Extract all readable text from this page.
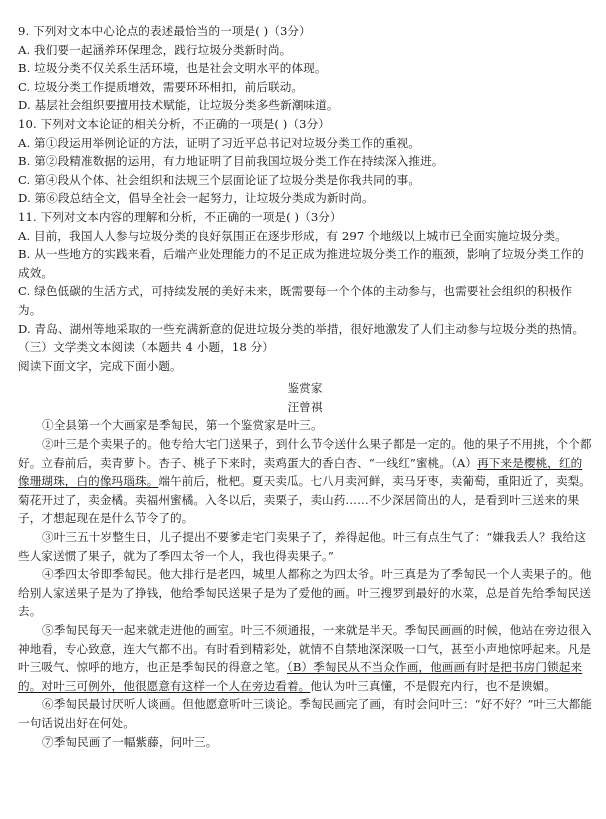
9. 下列对文本中心论点的表述最恰当的一项是( )（3分）
A. 我们要一起涵养环保理念，践行垃圾分类新时尚。
B. 垃圾分类不仅关系生活环境，也是社会文明水平的体现。
C. 垃圾分类工作提质增效，需要环环相扣，前后联动。
D. 基层社会组织要擅用技术赋能，让垃圾分类多些新潮味道。
10. 下列对文本论证的相关分析，不正确的一项是( )（3分）
A. 第①段运用举例论证的方法，证明了习近平总书记对垃圾分类工作的重视。
B. 第②段精准数据的运用，有力地证明了目前我国垃圾分类工作在持续深入推进。
C. 第④段从个体、社会组织和法规三个层面论证了垃圾分类是你我共同的事。
D. 第⑥段总结全文，倡导全社会一起努力，让垃圾分类成为新时尚。
11. 下列对文本内容的理解和分析，不正确的一项是( )（3分）
A. 目前，我国人人参与垃圾分类的良好氛围正在逐步形成，有 297 个地级以上城市已全面实施垃圾分类。
B. 从一些地方的实践来看，后端产业处理能力的不足正成为推进垃圾分类工作的瓶颈，影响了垃圾分类工作的成效。
C. 绿色低碳的生活方式，可持续发展的美好未来，既需要每一个个体的主动参与，也需要社会组织的积极作为。
D. 青岛、湖州等地采取的一些充满新意的促进垃圾分类的举措，很好地激发了人们主动参与垃圾分类的热情。
（三）文学类文本阅读（本题共 4 小题，18 分）
阅读下面文字，完成下面小题。
鉴赏家
汪曾祺
①全县第一个大画家是季匋民，第一个鉴赏家是叶三。
②叶三是个卖果子的。他专给大宅门送果子，到什么节令送什么果子都是一定的。他的果子不用挑，个个都好。立春前后，卖青萝卜。杏子、桃子下来时，卖鸡蛋大的香白杏、“一线红”蜜桃。（A）再下来是樱桃，红的像珊瑚珠，白的像玛瑙珠。端午前后，枇杷。夏天卖瓜。七八月卖河鲜，卖马牙枣，卖葡萄，重阳近了，卖梨。菊花开过了，卖金橘。卖福州蜜橘。入冬以后，卖栗子，卖山药……不少深居简出的人，是看到叶三送来的果子，才想起现在是什么节令了的。
③叶三五十岁整生日，儿子提出不要爹走宅门卖果子了，养得起他。叶三有点生气了：“嫌我丢人？我给这些人家送惯了果子，就为了季四太爷一个人，我也得卖果子。”
④季四太爷即季匋民。他大排行是老四，城里人都称之为四太爷。叶三真是为了季匋民一个人卖果子的。他给别人家送果子是为了挣钱，他给季匋民送果子是为了爱他的画。叶三搜罗到最好的水菜，总是首先给季匋民送去。
⑤季匋民每天一起来就走进他的画室。叶三不须通报，一来就是半天。季匋民画画的时候，他站在旁边很入神地看，专心致意，连大气都不出。有时看到精彩处，就情不自禁地深深吸一口气，甚至小声地惊呼起来。凡是叶三吸气、惊呼的地方，也正是季匋民的得意之笔。（B）季匋民从不当众作画，他画画有时是把书房门锁起来的。对叶三可例外，他很愿意有这样一个人在旁边看着。他认为叶三真懂，不是假充内行，也不是谀媚。
⑥季匋民最讨厌听人谈画。但他愿意听叶三谈论。季匋民画完了画，有时会问叶三：“好不好？”叶三大都能一句话说出好在何处。
⑦季匋民画了一幅紫藤，问叶三。
